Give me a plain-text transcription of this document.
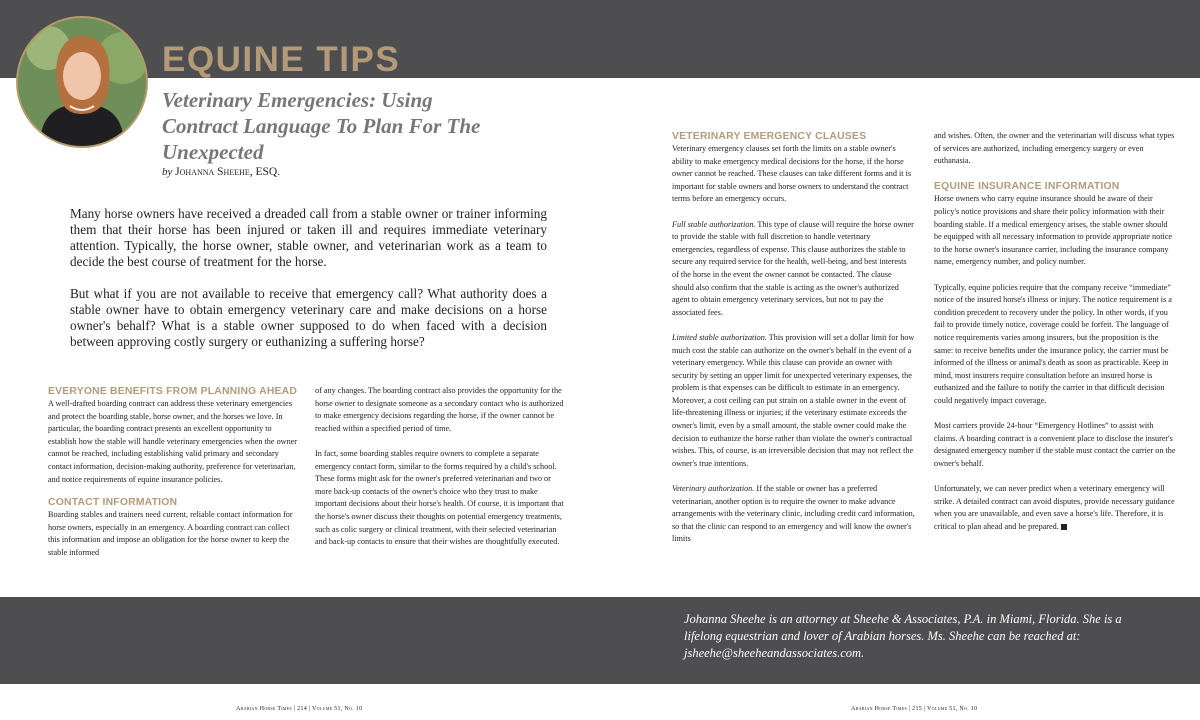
EQUINE TIPS
Veterinary Emergencies: Using Contract Language To Plan For The Unexpected
by Johanna Sheehe, ESQ.

Many horse owners have received a dreaded call from a stable owner or trainer informing them that their horse has been injured or taken ill and requires immediate veterinary attention. Typically, the horse owner, stable owner, and veterinarian work as a team to decide the best course of treatment for the horse.

But what if you are not available to receive that emergency call? What authority does a stable owner have to obtain emergency veterinary care and make decisions on a horse owner's behalf? What is a stable owner supposed to do when faced with a decision between approving costly surgery or euthanizing a suffering horse?

EVERYONE BENEFITS FROM PLANNING AHEAD

A well-drafted boarding contract can address these veterinary emergencies and protect the boarding stable, horse owner, and the horses we love. In particular, the boarding contract presents an excellent opportunity to establish how the stable will handle veterinary emergencies when the owner cannot be reached, including establishing valid primary and secondary contact information, decision-making authority, preference for veterinarian, and notice requirements of equine insurance policies.

CONTACT INFORMATION

Boarding stables and trainers need current, reliable contact information for horse owners, especially in an emergency. A boarding contract can collect this information and impose an obligation for the horse owner to keep the stable informed

of any changes. The boarding contract also provides the opportunity for the horse owner to designate someone as a secondary contact who is authorized to make emergency decisions regarding the horse, if the owner cannot be reached within a specified period of time.

In fact, some boarding stables require owners to complete a separate emergency contact form, similar to the forms required by a child's school. These forms might ask for the owner's preferred veterinarian and two or more back-up contacts of the owner's choice who they trust to make important decisions about their horse's health. Of course, it is important that the horse's owner discuss their thoughts on potential emergency treatments, such as colic surgery or clinical treatment, with their selected veterinarian and back-up contacts to ensure that their wishes are thoughtfully executed.

VETERINARY EMERGENCY CLAUSES

Veterinary emergency clauses set forth the limits on a stable owner's ability to make emergency medical decisions for the horse, if the horse owner cannot be reached. These clauses can take different forms and it is important for stable owners and horse owners to understand the contract terms before an emergency occurs.

Full stable authorization. This type of clause will require the horse owner to provide the stable with full discretion to handle veterinary emergencies, regardless of expense. This clause authorizes the stable to secure any required service for the health, well-being, and best interests of the horse in the event the owner cannot be contacted. The clause should also confirm that the stable is acting as the owner's authorized agent to obtain emergency veterinary services, but not to pay the associated fees.

Limited stable authorization. This provision will set a dollar limit for how much cost the stable can authorize on the owner's behalf in the event of a veterinary emergency. While this clause can provide an owner with security by setting an upper limit for unexpected veterinary expenses, the problem is that expenses can be difficult to estimate in an emergency. Moreover, a cost ceiling can put strain on a stable owner in the event of life-threatening illness or injuries; if the veterinary estimate exceeds the owner's limit, even by a small amount, the stable owner could make the decision to euthanize the horse rather than violate the owner's contractual wishes. This, of course, is an irreversible decision that may not reflect the owner's true intentions.

Veterinary authorization. If the stable or owner has a preferred veterinarian, another option is to require the owner to make advance arrangements with the veterinary clinic, including credit card information, so that the clinic can respond to an emergency and will know the owner's limits

and wishes. Often, the owner and the veterinarian will discuss what types of services are authorized, including emergency surgery or even euthanasia.

EQUINE INSURANCE INFORMATION

Horse owners who carry equine insurance should be aware of their policy's notice provisions and share their policy information with their boarding stable. If a medical emergency arises, the stable owner should be equipped with all necessary information to provide appropriate notice to the horse owner's insurance carrier, including the insurance company name, emergency number, and policy number.

Typically, equine policies require that the company receive “immediate” notice of the insured horse's illness or injury. The notice requirement is a condition precedent to recovery under the policy. In other words, if you fail to provide timely notice, coverage could be forfeit. The language of notice requirements varies among insurers, but the proposition is the same: to receive benefits under the insurance policy, the carrier must be informed of the illness or animal's death as soon as practicable. Keep in mind, most insurers require consultation before an insured horse is euthanized and the failure to notify the carrier in that difficult decision could negatively impact coverage.

Most carriers provide 24-hour “Emergency Hotlines” to assist with claims. A boarding contract is a convenient place to disclose the insurer's designated emergency number if the stable must contact the carrier on the owner's behalf.

Unfortunately, we can never predict when a veterinary emergency will strike. A detailed contract can avoid disputes, provide necessary guidance when you are unavailable, and even save a horse's life. Therefore, it is critical to plan ahead and be prepared.

Johanna Sheehe is an attorney at Sheehe & Associates, P.A. in Miami, Florida. She is a lifelong equestrian and lover of Arabian horses. Ms. Sheehe can be reached at: jsheehe@sheeheandassociates.com.

Arabian Horse Times | 214 | Volume 51, No. 10	Arabian Horse Times | 215 | Volume 51, No. 10
